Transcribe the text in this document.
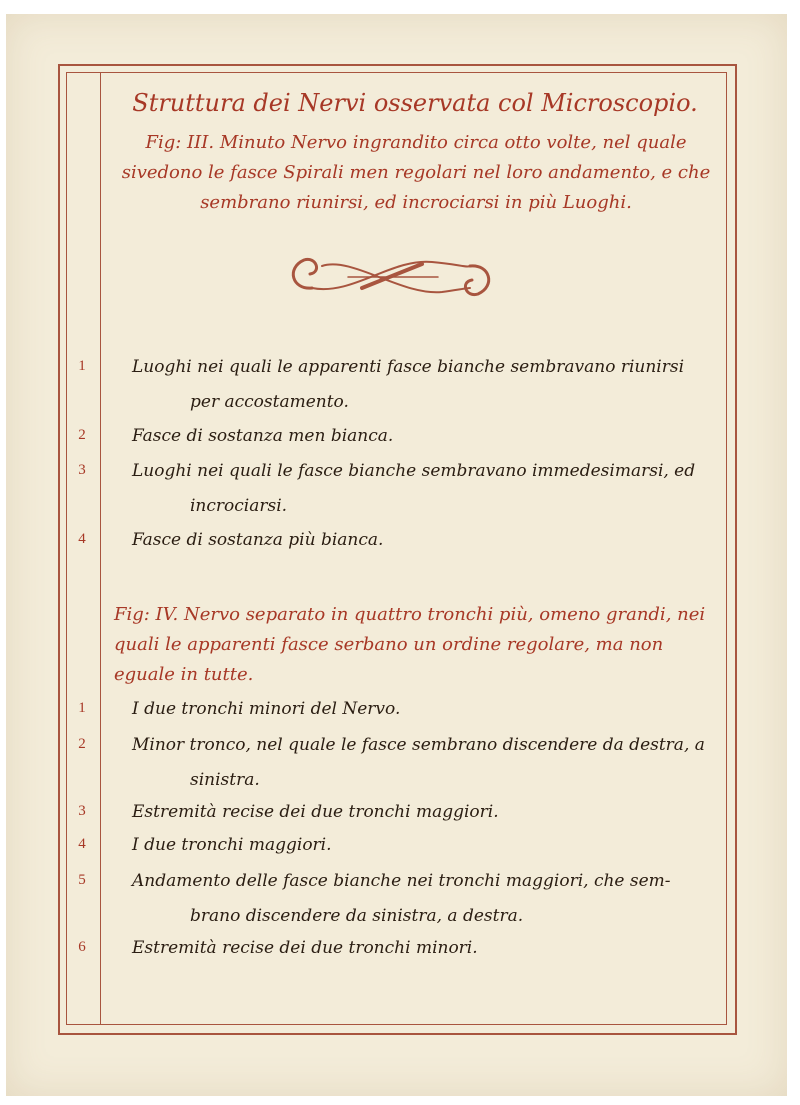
Struttura dei Nervi osservata col Microscopio.
Fig: III. Minuto Nervo ingrandito circa otto volte, nel quale sivedono le fasce Spirali men regolari nel loro andamento, e che sembrano riunirsi, ed incrociarsi in più Luoghi.
1	Luoghi nei quali le apparenti fasce bianche sembravano riunirsi
per accostamento.
2	Fasce di sostanza men bianca.
3	Luoghi nei quali le fasce bianche sembravano immedesimarsi, ed
incrociarsi.
4	Fasce di sostanza più bianca.
Fig: IV. Nervo separato in quattro tronchi più, omeno grandi, nei quali le apparenti fasce serbano un ordine regolare, ma non eguale in tutte.
1	I due tronchi minori del Nervo.
2	Minor tronco, nel quale le fasce sembrano discendere da destra, a
sinistra.
3	Estremità recise dei due tronchi maggiori.
4	I due tronchi maggiori.
5	Andamento delle fasce bianche nei tronchi maggiori, che sem-
brano discendere da sinistra, a destra.
6	Estremità recise dei due tronchi minori.
